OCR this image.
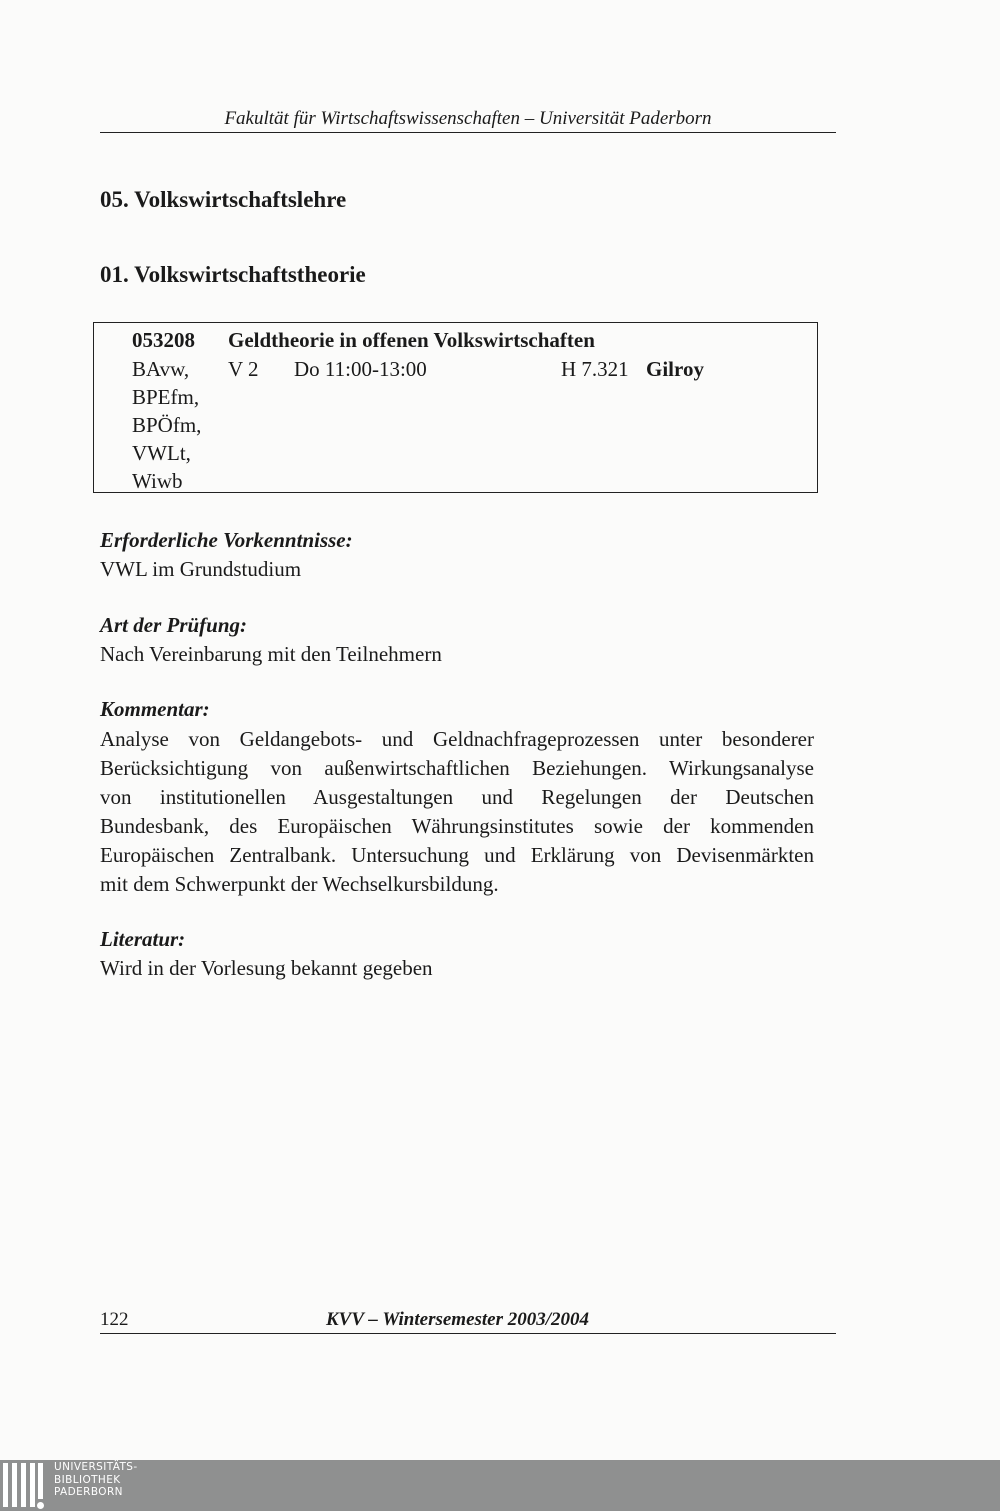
Fakultät für Wirtschaftswissenschaften – Universität Paderborn
05. Volkswirtschaftslehre
01. Volkswirtschaftstheorie
053208 Geldtheorie in offenen Volkswirtschaften
BAvw,
BPEfm,
BPÖfm,
VWLt,
Wiwb
V 2 Do 11:00-13:00	H 7.321 Gilroy
Erforderliche Vorkenntnisse:
VWL im Grundstudium
Art der Prüfung:
Nach Vereinbarung mit den Teilnehmern
Kommentar:

Analyse von Geldangebots- und Geldnachfrageprozessen unter besonderer

Berücksichtigung von außenwirtschaftlichen Beziehungen. Wirkungsanalyse

von institutionellen Ausgestaltungen und Regelungen der Deutschen

Bundesbank, des Europäischen Währungsinstitutes sowie der kommenden

Europäischen Zentralbank. Untersuchung und Erklärung von Devisenmärkten

mit dem Schwerpunkt der Wechselkursbildung.

Literatur:
Wird in der Vorlesung bekannt gegeben
122	KVV – Wintersemester 2003/2004
UNIVERSITÄTS-
BIBLIOTHEK
PADERBORN
